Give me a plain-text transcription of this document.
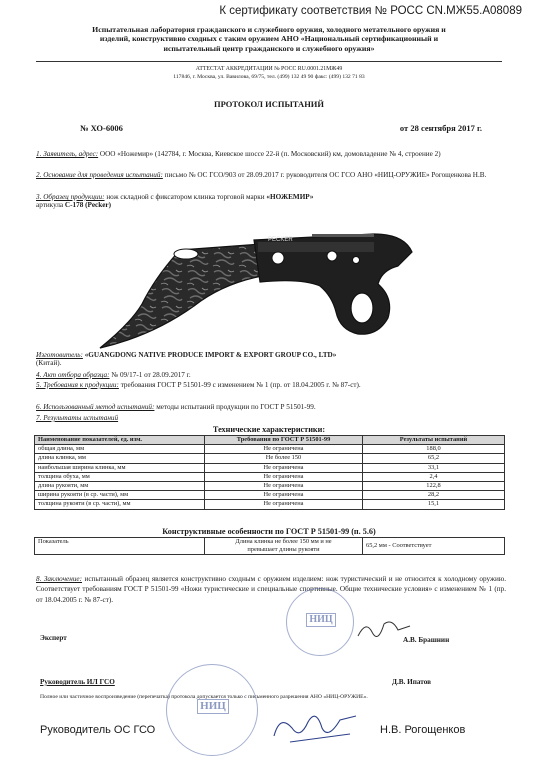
К сертификату соответствия № РОСС CN.МЖ55.А08089
Испытательная лаборатория гражданского и служебного оружия, холодного метательного оружия и
изделий, конструктивно сходных с таким оружием АНО «Национальный сертификационный и
испытательный центр гражданского и служебного оружия»
АТТЕСТАТ АККРЕДИТАЦИИ № РОСС RU.0001.21МЖ49
117846, г. Москва, ул. Вавилова, 69/75, тел. (499) 132 49 90 факс: (499) 132 71 83
ПРОТОКОЛ ИСПЫТАНИЙ
№ ХО-6006	от 28 сентября 2017 г.
1. Заявитель, адрес: ООО «Ножемир» (142784, г. Москва, Киевское шоссе 22-й (п. Московский) км, домовладение № 4, строение 2)
2. Основание для проведения испытаний: письмо № ОС ГСО/903 от 28.09.2017 г. руководителя ОС ГСО АНО «НИЦ-ОРУЖИЕ» Рогощенкова Н.В.
3. Образец продукции: нож складной с фиксатором клинка торговой марки «НОЖЕМИР»
артикула С-178 (Pecker)
PECKER
Изготовитель: «GUANGDONG NATIVE PRODUCE IMPORT & EXPORT GROUP CO., LTD»
(Китай).
4. Акт отбора образца: № 09/17-1 от 28.09.2017 г.
5. Требования к продукции: требования ГОСТ Р 51501-99 с изменением № 1 (пр. от 18.04.2005 г. № 87-ст).
6. Использованный метод испытаний: методы испытаний продукции по ГОСТ Р 51501-99.
7. Результаты испытаний
Технические характеристики:
Наименование показателей, ед. изм.	Требования по ГОСТ Р 51501-99	Результаты испытаний
общая длина, мм	Не ограничена	188,0
длина клинка, мм	Не более 150	65,2
наибольшая ширина клинка, мм	Не ограничена	33,1
толщина обуха, мм	Не ограничена	2,4
длина рукояти, мм	Не ограничена	122,8
ширина рукояти (в ср. части), мм	Не ограничена	28,2
толщина рукояти (в ср. части), мм	Не ограничена	15,1
Конструктивные особенности по ГОСТ Р 51501-99 (п. 5.6)
Показатель	Длина клинка не более 150 мм и не
превышает длины рукояти	65,2 мм - Соответствует
8. Заключение: испытанный образец является конструктивно сходным с оружием изделием: нож туристический и не относится к холодному оружию. Соответствует требованиям ГОСТ Р 51501-99 «Ножи туристические и специальные спортивные. Общие технические условия» с изменением № 1 (пр. от 18.04.2005 г. № 87-ст).
НИЦ
НИЦ
Эксперт	А.В. Брашнин
Руководитель ИЛ ГСО	Д.В. Ипатов
Полное или частичное воспроизведение (перепечатка) протокола допускается только с письменного разрешения АНО «НИЦ-ОРУЖИЕ».
Руководитель ОС ГСО	Н.В. Рогощенков
